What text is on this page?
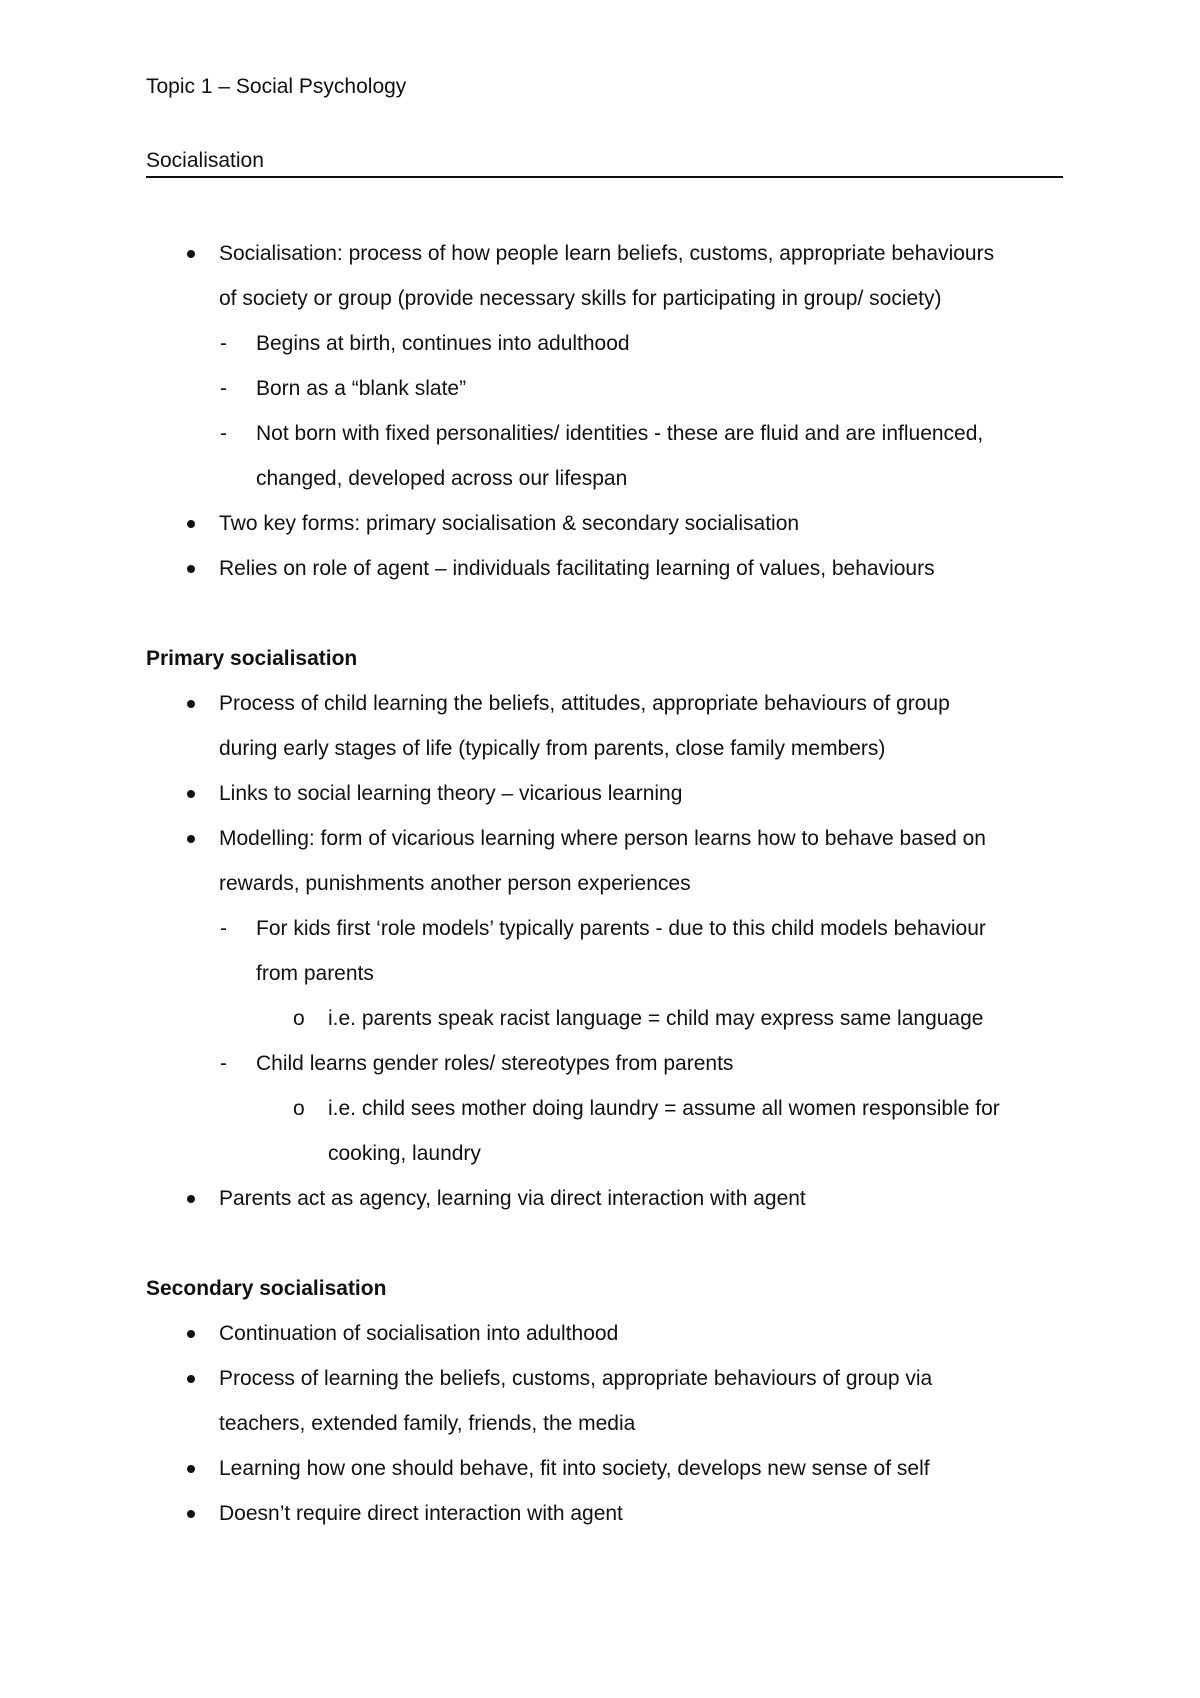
Topic 1 – Social Psychology
Socialisation
Socialisation: process of how people learn beliefs, customs, appropriate behaviours
of society or group (provide necessary skills for participating in group/ society)
- Begins at birth, continues into adulthood
- Born as a “blank slate”
- Not born with fixed personalities/ identities - these are fluid and are influenced,
changed, developed across our lifespan
Two key forms: primary socialisation & secondary socialisation
Relies on role of agent – individuals facilitating learning of values, behaviours
Primary socialisation
Process of child learning the beliefs, attitudes, appropriate behaviours of group
during early stages of life (typically from parents, close family members)
Links to social learning theory – vicarious learning
Modelling: form of vicarious learning where person learns how to behave based on
rewards, punishments another person experiences
- For kids first ‘role models’ typically parents - due to this child models behaviour
from parents
o i.e. parents speak racist language = child may express same language
- Child learns gender roles/ stereotypes from parents
o i.e. child sees mother doing laundry = assume all women responsible for
cooking, laundry
Parents act as agency, learning via direct interaction with agent
Secondary socialisation
Continuation of socialisation into adulthood
Process of learning the beliefs, customs, appropriate behaviours of group via
teachers, extended family, friends, the media
Learning how one should behave, fit into society, develops new sense of self
Doesn’t require direct interaction with agent
